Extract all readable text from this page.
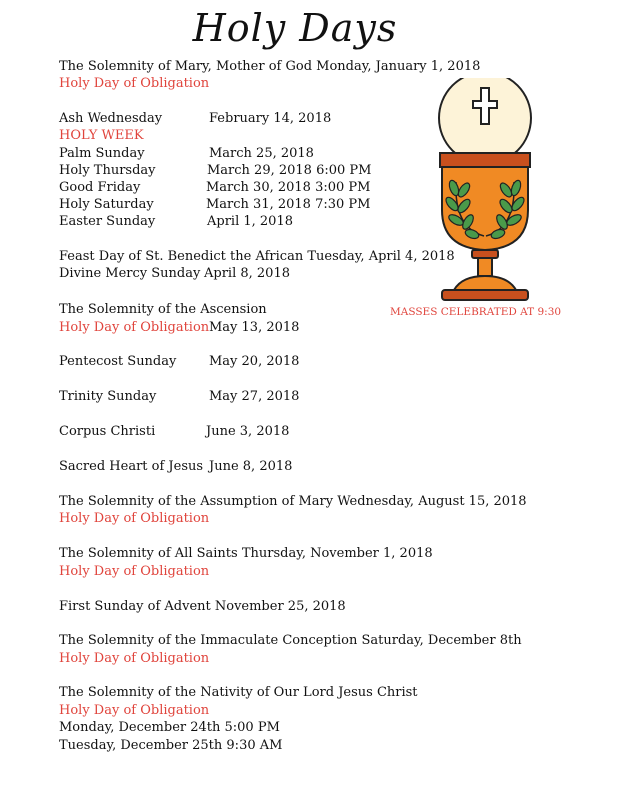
Holy Days
The Solemnity of Mary, Mother of God Monday, January 1, 2018
Holy Day of Obligation
Ash Wednesday	February 14, 2018
HOLY WEEK
Palm Sunday	March 25, 2018
Holy Thursday	March 29, 2018 6:00 PM
Good Friday	March 30, 2018 3:00 PM
Holy Saturday	March 31, 2018 7:30 PM
Easter Sunday	April 1, 2018
Feast Day of St. Benedict the African Tuesday, April 4, 2018
Divine Mercy Sunday April 8, 2018
The Solemnity of the Ascension
Holy Day of Obligation May 13, 2018
Pentecost Sunday	May 20, 2018
Trinity Sunday	May 27, 2018
Corpus Christi	June 3, 2018
Sacred Heart of Jesus June 8, 2018
The Solemnity of the Assumption of Mary Wednesday, August 15, 2018
Holy Day of Obligation
The Solemnity of All Saints Thursday, November 1, 2018
Holy Day of Obligation
First Sunday of Advent November 25, 2018
The Solemnity of the Immaculate Conception Saturday, December 8th
Holy Day of Obligation
The Solemnity of the Nativity of Our Lord Jesus Christ
Holy Day of Obligation
Monday, December 24th 5:00 PM
Tuesday, December 25th 9:30 AM
MASSES CELEBRATED AT 9:30
